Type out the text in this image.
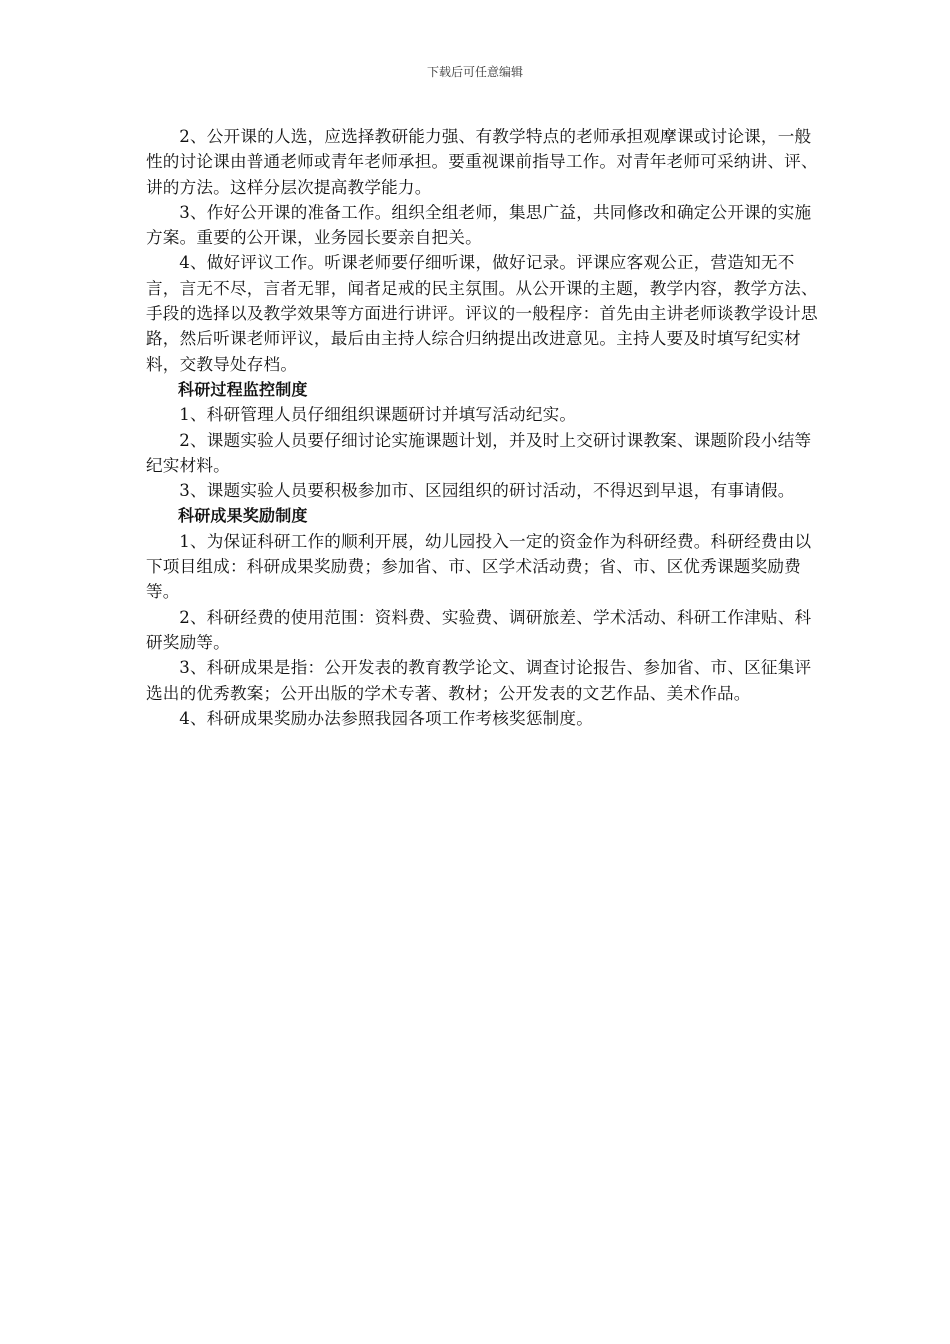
下载后可任意编辑

2、公开课的人选，应选择教研能力强、有教学特点的老师承担观摩课或讨论课，一般性的讨论课由普通老师或青年老师承担。要重视课前指导工作。对青年老师可采纳讲、评、讲的方法。这样分层次提高教学能力。

3、作好公开课的准备工作。组织全组老师，集思广益，共同修改和确定公开课的实施方案。重要的公开课，业务园长要亲自把关。

4、做好评议工作。听课老师要仔细听课，做好记录。评课应客观公正，营造知无不言，言无不尽，言者无罪，闻者足戒的民主氛围。从公开课的主题，教学内容，教学方法、手段的选择以及教学效果等方面进行讲评。评议的一般程序：首先由主讲老师谈教学设计思路，然后听课老师评议，最后由主持人综合归纳提出改进意见。主持人要及时填写纪实材料，交教导处存档。

科研过程监控制度

1、科研管理人员仔细组织课题研讨并填写活动纪实。

2、课题实验人员要仔细讨论实施课题计划，并及时上交研讨课教案、课题阶段小结等纪实材料。

3、课题实验人员要积极参加市、区园组织的研讨活动，不得迟到早退，有事请假。

科研成果奖励制度

1、为保证科研工作的顺利开展，幼儿园投入一定的资金作为科研经费。科研经费由以下项目组成：科研成果奖励费；参加省、市、区学术活动费；省、市、区优秀课题奖励费等。

2、科研经费的使用范围：资料费、实验费、调研旅差、学术活动、科研工作津贴、科研奖励等。

3、科研成果是指：公开发表的教育教学论文、调查讨论报告、参加省、市、区征集评选出的优秀教案；公开出版的学术专著、教材；公开发表的文艺作品、美术作品。

4、科研成果奖励办法参照我园各项工作考核奖惩制度。
